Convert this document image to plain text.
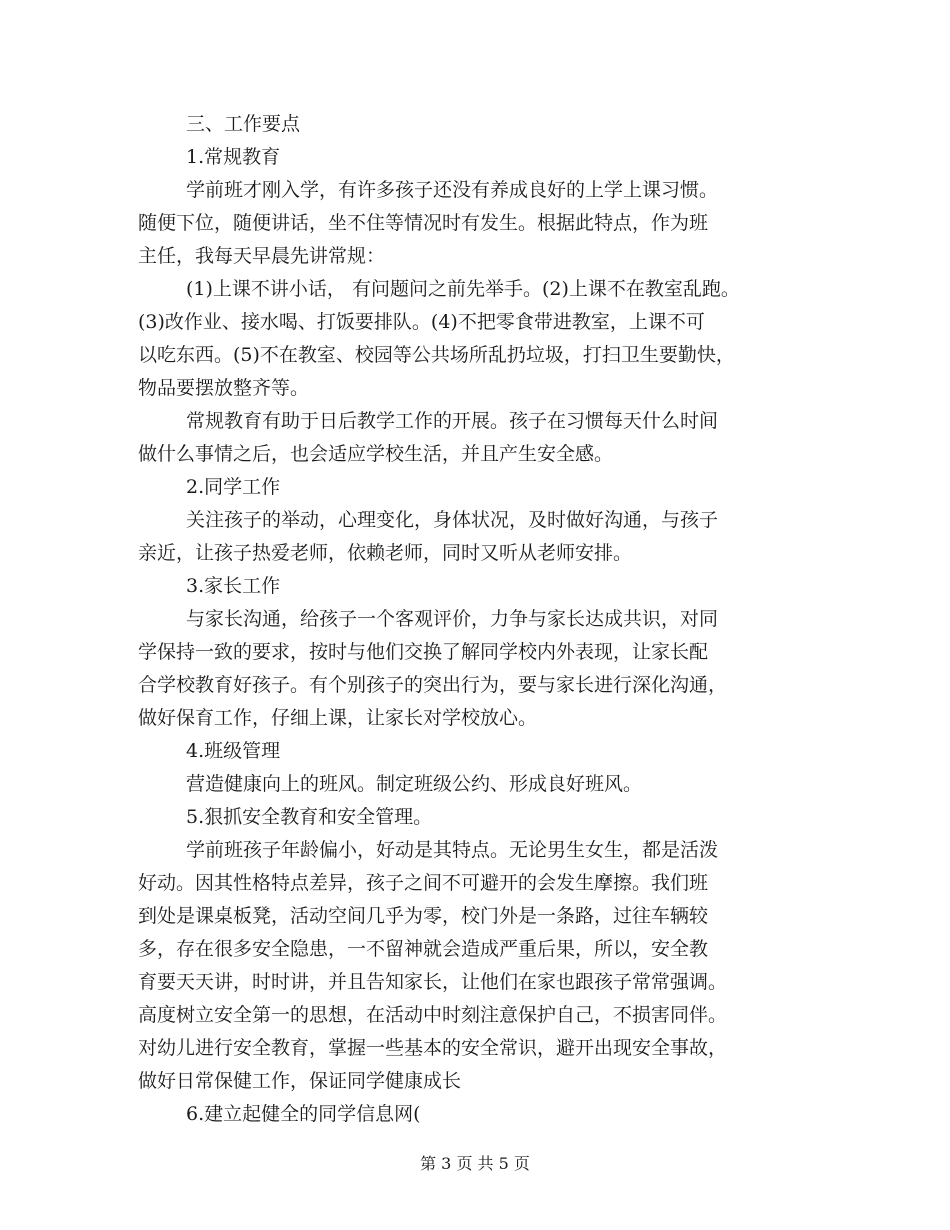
三、工作要点
1.常规教育
学前班才刚入学，有许多孩子还没有养成良好的上学上课习惯。
随便下位，随便讲话，坐不住等情况时有发生。根据此特点，作为班
主任，我每天早晨先讲常规：
(1)上课不讲小话， 有问题问之前先举手。(2)上课不在教室乱跑。
(3)改作业、接水喝、打饭要排队。(4)不把零食带进教室，上课不可
以吃东西。(5)不在教室、校园等公共场所乱扔垃圾，打扫卫生要勤快，
物品要摆放整齐等。
常规教育有助于日后教学工作的开展。孩子在习惯每天什么时间
做什么事情之后，也会适应学校生活，并且产生安全感。
2.同学工作
关注孩子的举动，心理变化，身体状况，及时做好沟通，与孩子
亲近，让孩子热爱老师，依赖老师，同时又听从老师安排。
3.家长工作
与家长沟通，给孩子一个客观评价，力争与家长达成共识，对同
学保持一致的要求，按时与他们交换了解同学校内外表现，让家长配
合学校教育好孩子。有个别孩子的突出行为，要与家长进行深化沟通，
做好保育工作，仔细上课，让家长对学校放心。
4.班级管理
营造健康向上的班风。制定班级公约、形成良好班风。
5.狠抓安全教育和安全管理。
学前班孩子年龄偏小，好动是其特点。无论男生女生，都是活泼
好动。因其性格特点差异，孩子之间不可避开的会发生摩擦。我们班
到处是课桌板凳，活动空间几乎为零，校门外是一条路，过往车辆较
多，存在很多安全隐患，一不留神就会造成严重后果，所以，安全教
育要天天讲，时时讲，并且告知家长，让他们在家也跟孩子常常强调。
高度树立安全第一的思想，在活动中时刻注意保护自己，不损害同伴。
对幼儿进行安全教育，掌握一些基本的安全常识，避开出现安全事故，
做好日常保健工作，保证同学健康成长
6.建立起健全的同学信息网(
第 3 页 共 5 页
